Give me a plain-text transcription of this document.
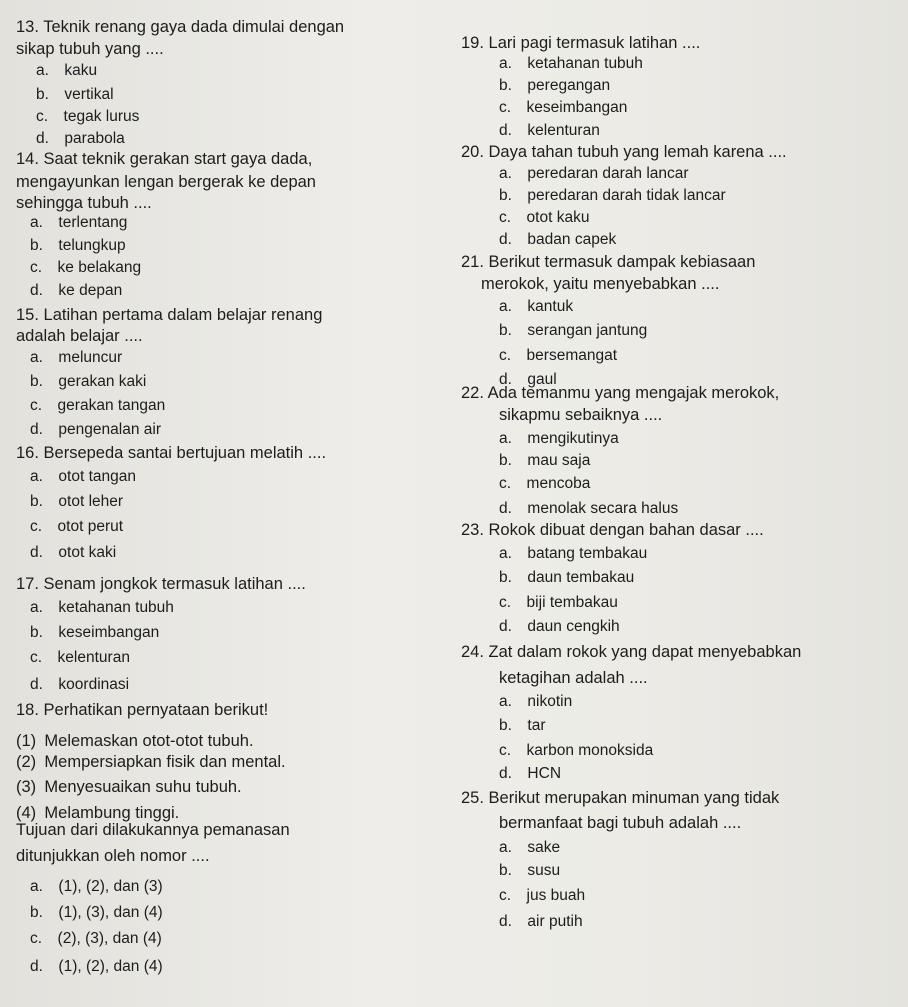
13. Teknik renang gaya dada dimulai dengan
sikap tubuh yang ....
a. kaku
b. vertikal
c. tegak lurus
d. parabola
14. Saat teknik gerakan start gaya dada,
mengayunkan lengan bergerak ke depan
sehingga tubuh ....
a. terlentang
b. telungkup
c. ke belakang
d. ke depan
15. Latihan pertama dalam belajar renang
adalah belajar ....
a. meluncur
b. gerakan kaki
c. gerakan tangan
d. pengenalan air
16. Bersepeda santai bertujuan melatih ....
a. otot tangan
b. otot leher
c. otot perut
d. otot kaki
17. Senam jongkok termasuk latihan ....
a. ketahanan tubuh
b. keseimbangan
c. kelenturan
d. koordinasi
18. Perhatikan pernyataan berikut!
(1) Melemaskan otot-otot tubuh.
(2) Mempersiapkan fisik dan mental.
(3) Menyesuaikan suhu tubuh.
(4) Melambung tinggi.
Tujuan dari dilakukannya pemanasan
ditunjukkan oleh nomor ....
a. (1), (2), dan (3)
b. (1), (3), dan (4)
c. (2), (3), dan (4)
d. (1), (2), dan (4)
19. Lari pagi termasuk latihan ....
a. ketahanan tubuh
b. peregangan
c. keseimbangan
d. kelenturan
20. Daya tahan tubuh yang lemah karena ....
a. peredaran darah lancar
b. peredaran darah tidak lancar
c. otot kaku
d. badan capek
21. Berikut termasuk dampak kebiasaan
merokok, yaitu menyebabkan ....
a. kantuk
b. serangan jantung
c. bersemangat
d. gaul
22. Ada temanmu yang mengajak merokok,
sikapmu sebaiknya ....
a. mengikutinya
b. mau saja
c. mencoba
d. menolak secara halus
23. Rokok dibuat dengan bahan dasar ....
a. batang tembakau
b. daun tembakau
c. biji tembakau
d. daun cengkih
24. Zat dalam rokok yang dapat menyebabkan
ketagihan adalah ....
a. nikotin
b. tar
c. karbon monoksida
d. HCN
25. Berikut merupakan minuman yang tidak
bermanfaat bagi tubuh adalah ....
a. sake
b. susu
c. jus buah
d. air putih
